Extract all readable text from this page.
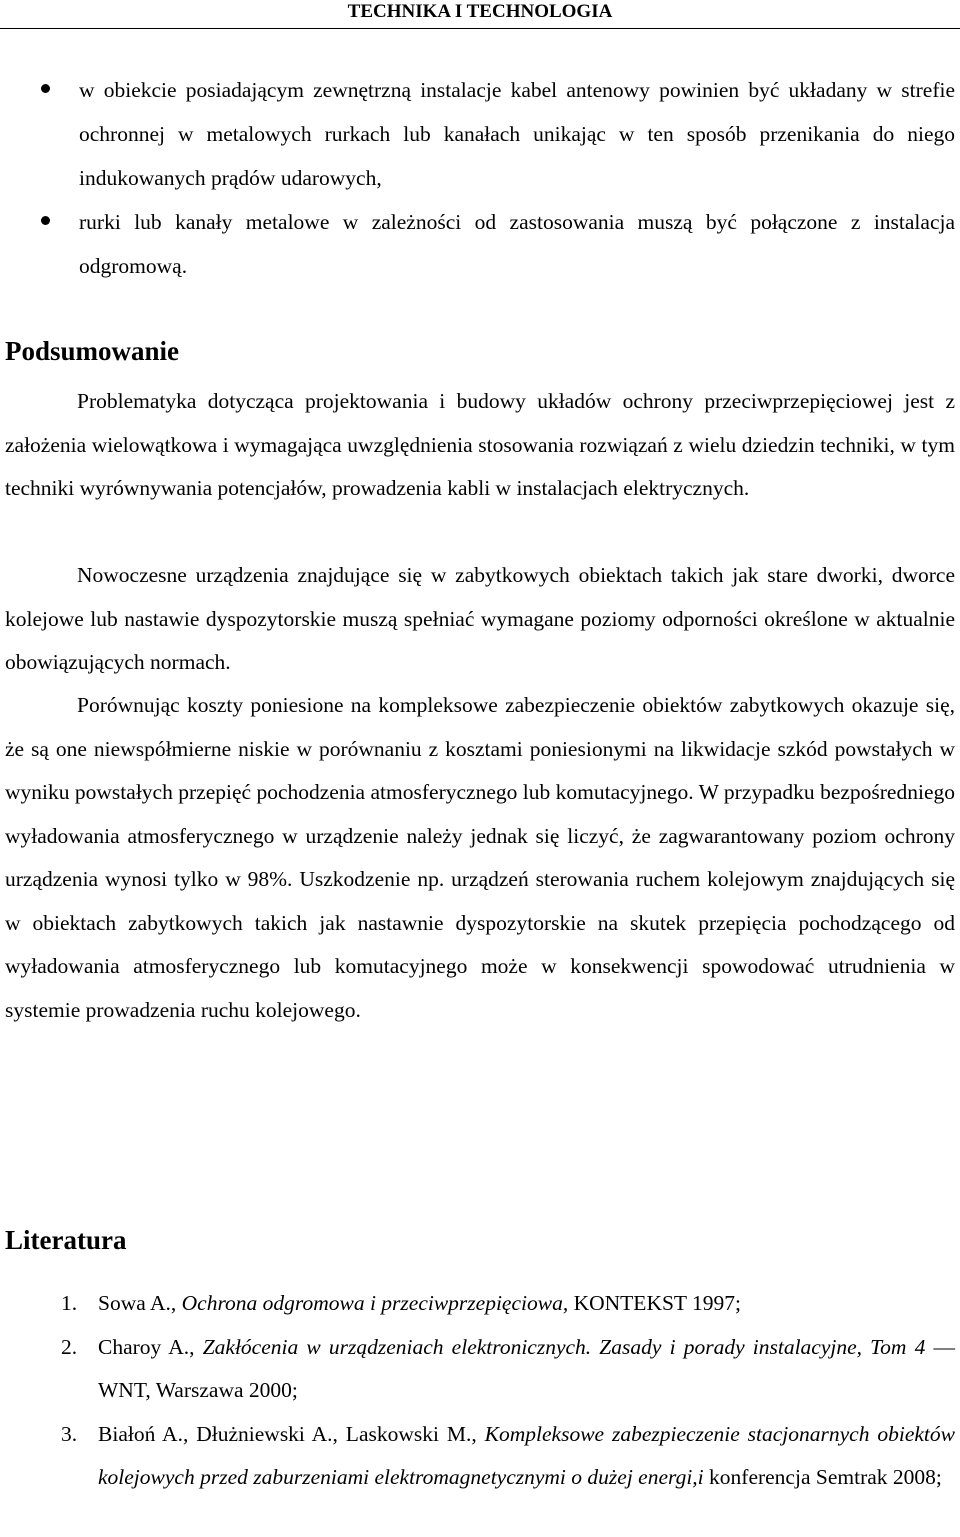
TECHNIKA I TECHNOLOGIA
w obiekcie posiadającym zewnętrzną instalacje kabel antenowy powinien być układany w strefie ochronnej w metalowych rurkach lub kanałach unikając w ten sposób przenikania do niego indukowanych prądów udarowych,
rurki lub kanały metalowe w zależności od zastosowania muszą być połączone z instalacja odgromową.
Podsumowanie

Problematyka dotycząca projektowania i budowy układów ochrony przeciwprzepięciowej jest z założenia wielowątkowa i wymagająca uwzględnienia stosowania rozwiązań z wielu dziedzin techniki, w tym techniki wyrównywania potencjałów, prowadzenia kabli w instalacjach elektrycznych.

Nowoczesne urządzenia znajdujące się w zabytkowych obiektach takich jak stare dworki, dworce kolejowe lub nastawie dyspozytorskie muszą spełniać wymagane poziomy odporności określone w aktualnie obowiązujących normach.

Porównując koszty poniesione na kompleksowe zabezpieczenie obiektów zabytkowych okazuje się, że są one niewspółmierne niskie w porównaniu z kosztami poniesionymi na likwidacje szkód powstałych w wyniku powstałych przepięć pochodzenia atmosferycznego lub komutacyjnego. W przypadku bezpośredniego wyładowania atmosferycznego w urządzenie należy jednak się liczyć, że zagwarantowany poziom ochrony urządzenia wynosi tylko w 98%. Uszkodzenie np. urządzeń sterowania ruchem kolejowym znajdujących się w obiektach zabytkowych takich jak nastawnie dyspozytorskie na skutek przepięcia pochodzącego od wyładowania atmosferycznego lub komutacyjnego może w konsekwencji spowodować utrudnienia w systemie prowadzenia ruchu kolejowego.

Literatura
1. Sowa A., Ochrona odgromowa i przeciwprzepięciowa, KONTEKST 1997;
2. Charoy A., Zakłócenia w urządzeniach elektronicznych. Zasady i porady instalacyjne, Tom 4 — WNT, Warszawa 2000;
3. Białoń A., Dłużniewski A., Laskowski M., Kompleksowe zabezpieczenie stacjonarnych obiektów kolejowych przed zaburzeniami elektromagnetycznymi o dużej energi,i konferencja Semtrak 2008;
